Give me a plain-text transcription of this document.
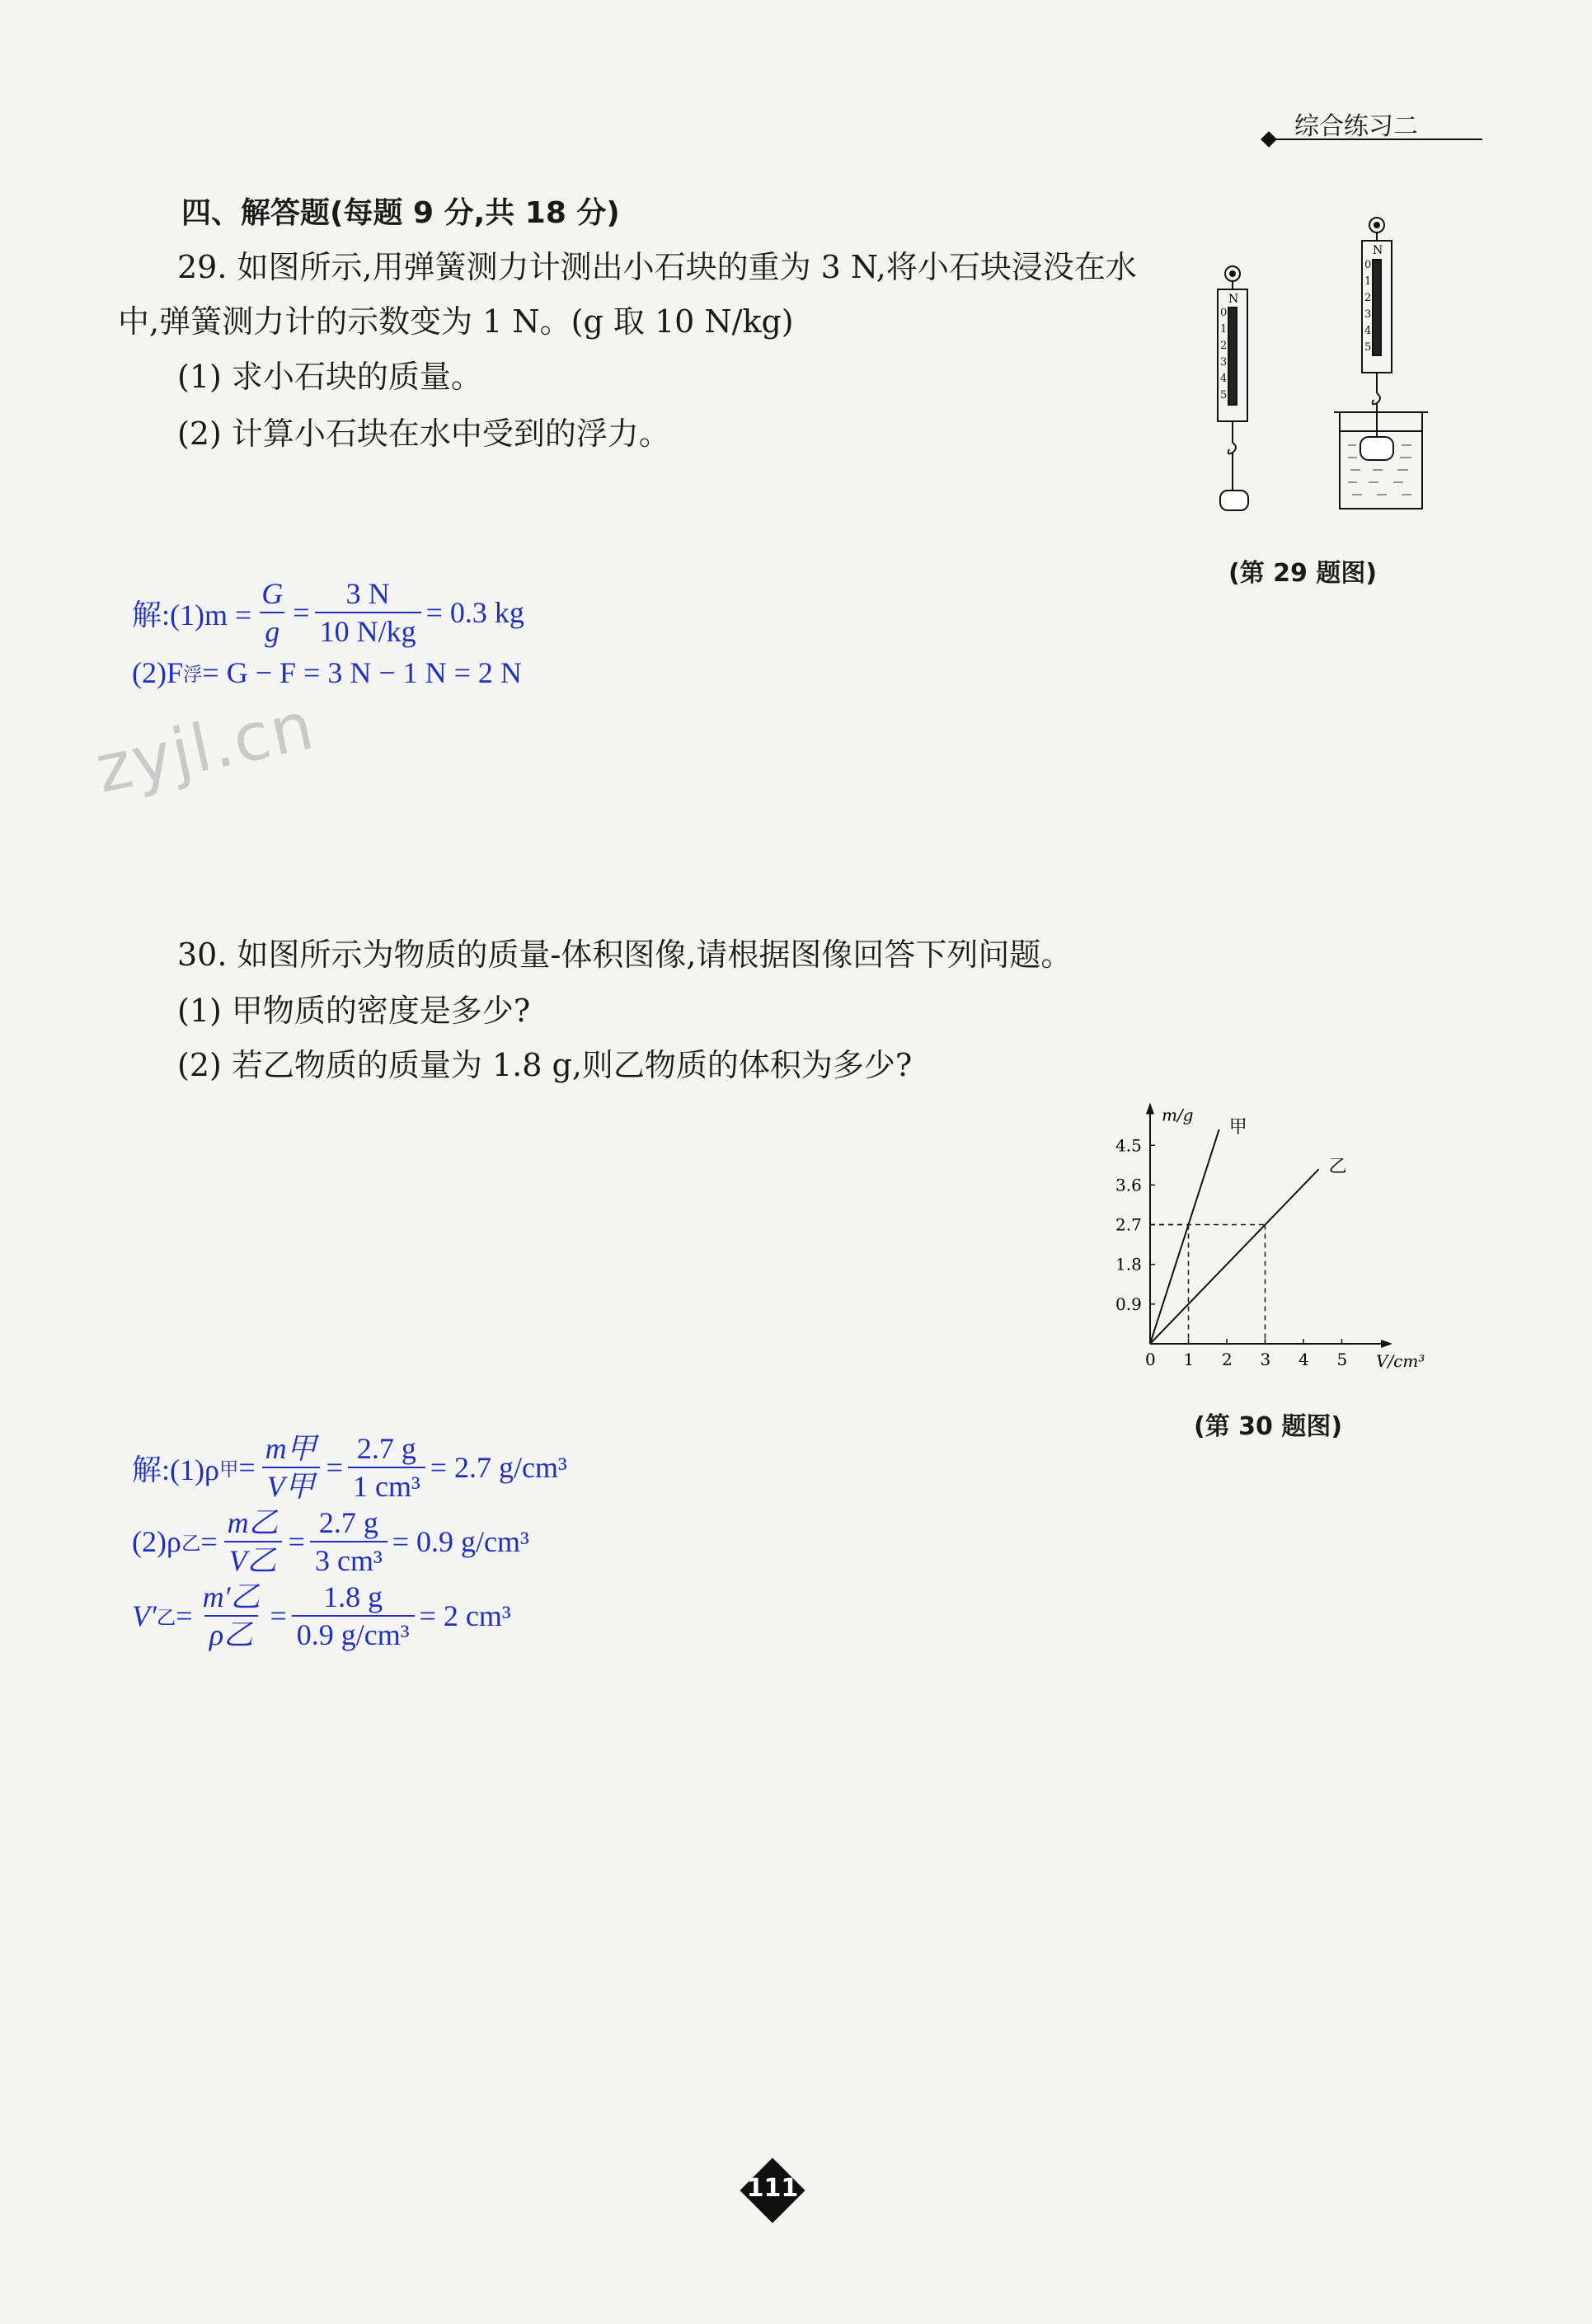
综合练习二
四、解答题(每题 9 分,共 18 分)
29. 如图所示,用弹簧测力计测出小石块的重为 3 N,将小石块浸没在水
中,弹簧测力计的示数变为 1 N。(g 取 10 N/kg)
(1) 求小石块的质量。
(2) 计算小石块在水中受到的浮力。
N
0
1
2
3
4
5
N
0
1
2
3
4
5
(第 29 题图)
解:(1)m = $\frac{G}{g} = \frac{3 N}{10 N/kg} = 0.3$ kg
(2)F 浮 = G − F = 3 N − 1 N = 2 N
zyjl.cn
30. 如图所示为物质的质量-体积图像,请根据图像回答下列问题。
(1) 甲物质的密度是多少?
(2) 若乙物质的质量为 1.8 g,则乙物质的体积为多少?
m/g
V/cm³
0 1 2 3 4 5
0.9
1.8
2.7
3.6
4.5
甲
乙
(第 30 题图)
解:(1)ρ 甲 = $\frac{\text{m甲}}{\text{V甲}} = \frac{2.7 g}{\text{1 cm³}} = 2.7$ g/cm³
(2)ρ 乙 = $\frac{\text{m乙}}{\text{V乙}} = \frac{2.7 g}{\text{3 cm³}} = 0.9$ g/cm³
V′ 乙 = $\frac{\text{m′乙}}{\text{ρ乙}} = \frac{1.8 g}{\text{0.9 g/cm³}} = 2$ cm³
111
